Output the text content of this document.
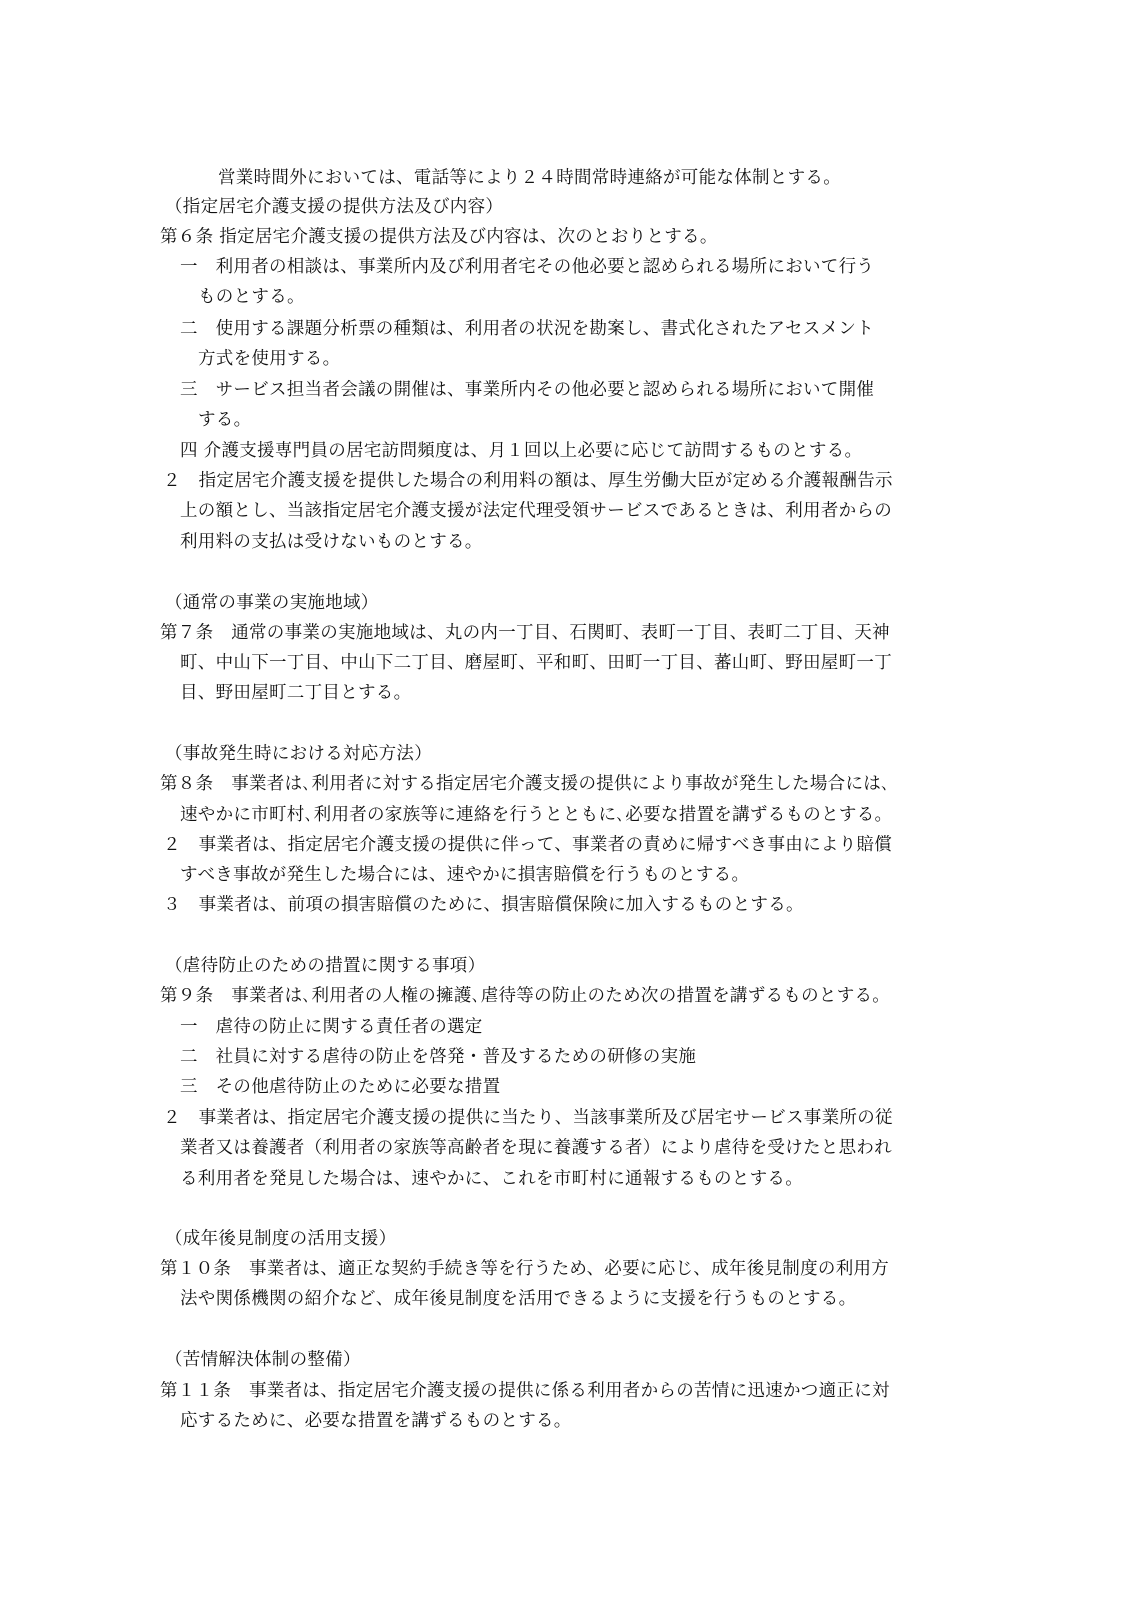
営業時間外においては、電話等により２４時間常時連絡が可能な体制とする。
（指定居宅介護支援の提供方法及び内容）
第６条 指定居宅介護支援の提供方法及び内容は、次のとおりとする。
一　利用者の相談は、事業所内及び利用者宅その他必要と認められる場所において行う
ものとする。
二　使用する課題分析票の種類は、利用者の状況を勘案し、書式化されたアセスメント
方式を使用する。
三　サービス担当者会議の開催は、事業所内その他必要と認められる場所において開催
する。
四 介護支援専門員の居宅訪問頻度は、月１回以上必要に応じて訪問するものとする。
２　指定居宅介護支援を提供した場合の利用料の額は、厚生労働大臣が定める介護報酬告示
上の額とし、当該指定居宅介護支援が法定代理受領サービスであるときは、利用者からの
利用料の支払は受けないものとする。
（通常の事業の実施地域）
第７条　通常の事業の実施地域は、丸の内一丁目、石関町、表町一丁目、表町二丁目、天神
町、中山下一丁目、中山下二丁目、磨屋町、平和町、田町一丁目、蕃山町、野田屋町一丁
目、野田屋町二丁目とする。
（事故発生時における対応方法）
第８条　事業者は､利用者に対する指定居宅介護支援の提供により事故が発生した場合には､
速やかに市町村､利用者の家族等に連絡を行うとともに､必要な措置を講ずるものとする。
２　事業者は、指定居宅介護支援の提供に伴って、事業者の責めに帰すべき事由により賠償
すべき事故が発生した場合には、速やかに損害賠償を行うものとする。
３　事業者は、前項の損害賠償のために、損害賠償保険に加入するものとする。
（虐待防止のための措置に関する事項）
第９条　事業者は､利用者の人権の擁護､虐待等の防止のため次の措置を講ずるものとする。
一　虐待の防止に関する責任者の選定
二　社員に対する虐待の防止を啓発・普及するための研修の実施
三　その他虐待防止のために必要な措置
２　事業者は、指定居宅介護支援の提供に当たり、当該事業所及び居宅サービス事業所の従
業者又は養護者（利用者の家族等高齢者を現に養護する者）により虐待を受けたと思われ
る利用者を発見した場合は、速やかに、これを市町村に通報するものとする。
（成年後見制度の活用支援）
第１０条　事業者は、適正な契約手続き等を行うため、必要に応じ、成年後見制度の利用方
法や関係機関の紹介など、成年後見制度を活用できるように支援を行うものとする。
（苦情解決体制の整備）
第１１条　事業者は、指定居宅介護支援の提供に係る利用者からの苦情に迅速かつ適正に対
応するために、必要な措置を講ずるものとする。
